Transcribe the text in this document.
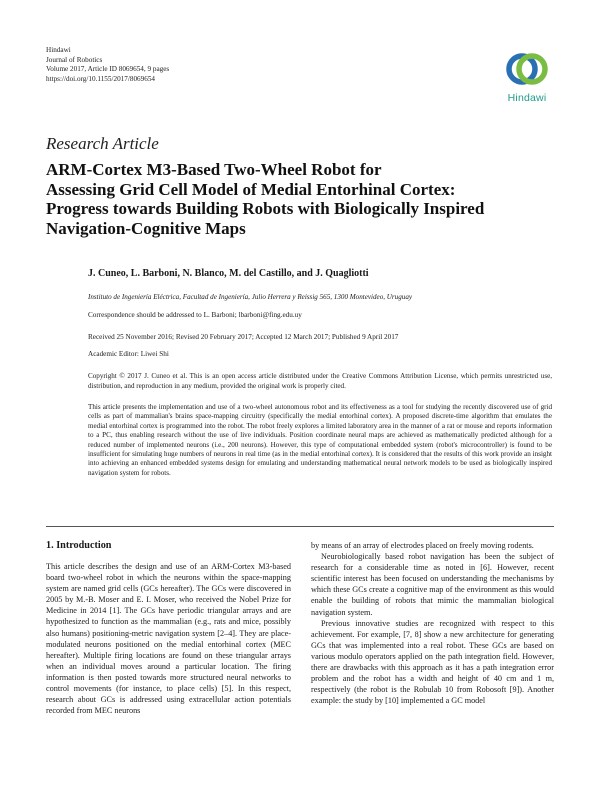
Hindawi
Journal of Robotics
Volume 2017, Article ID 8069654, 9 pages
https://doi.org/10.1155/2017/8069654
Hindawi
Research Article
ARM-Cortex M3-Based Two-Wheel Robot for
Assessing Grid Cell Model of Medial Entorhinal Cortex:
Progress towards Building Robots with Biologically Inspired
Navigation-Cognitive Maps
J. Cuneo, L. Barboni, N. Blanco, M. del Castillo, and J. Quagliotti
Instituto de Ingeniería Eléctrica, Facultad de Ingeniería, Julio Herrera y Reissig 565, 1300 Montevideo, Uruguay
Correspondence should be addressed to L. Barboni; lbarboni@fing.edu.uy
Received 25 November 2016; Revised 20 February 2017; Accepted 12 March 2017; Published 9 April 2017
Academic Editor: Liwei Shi
Copyright © 2017 J. Cuneo et al. This is an open access article distributed under the Creative Commons Attribution License, which permits unrestricted use, distribution, and reproduction in any medium, provided the original work is properly cited.
This article presents the implementation and use of a two-wheel autonomous robot and its effectiveness as a tool for studying the recently discovered use of grid cells as part of mammalian's brains space-mapping circuitry (specifically the medial entorhinal cortex). A proposed discrete-time algorithm that emulates the medial entorhinal cortex is programmed into the robot. The robot freely explores a limited laboratory area in the manner of a rat or mouse and reports information to a PC, thus enabling research without the use of live individuals. Position coordinate neural maps are achieved as mathematically predicted although for a reduced number of implemented neurons (i.e., 200 neurons). However, this type of computational embedded system (robot's microcontroller) is found to be insufficient for simulating huge numbers of neurons in real time (as in the medial entorhinal cortex). It is considered that the results of this work provide an insight into achieving an enhanced embedded systems design for emulating and understanding mathematical neural network models to be used as biologically inspired navigation system for robots.
1. Introduction

This article describes the design and use of an ARM-Cortex M3-based board two-wheel robot in which the neurons within the space-mapping system are named grid cells (GCs hereafter). The GCs were discovered in 2005 by M.-B. Moser and E. I. Moser, who received the Nobel Prize for Medicine in 2014 [1]. The GCs have periodic triangular arrays and are hypothesized to function as the mammalian (e.g., rats and mice, possibly also humans) positioning-metric navigation system [2–4]. They are place-modulated neurons positioned on the medial entorhinal cortex (MEC hereafter). Multiple firing locations are found on these triangular arrays when an individual moves around a particular location. The firing information is then posted towards more structured neural networks to control movements (for instance, to place cells) [5]. In this respect, research about GCs is addressed using extracellular action potentials recorded from MEC neurons

by means of an array of electrodes placed on freely moving rodents.

Neurobiologically based robot navigation has been the subject of research for a considerable time as noted in [6]. However, recent scientific interest has been focused on understanding the mechanisms by which these GCs create a cognitive map of the environment as this would enable the building of robots that mimic the mammalian biological navigation system.

Previous innovative studies are recognized with respect to this achievement. For example, [7, 8] show a new architecture for generating GCs that was implemented into a real robot. These GCs are based on various modulo operators applied on the path integration field. However, there are drawbacks with this approach as it has a path integration error problem and the robot has a width and height of 40 cm and 1 m, respectively (the robot is the Robulab 10 from Robosoft [9]). Another example: the study by [10] implemented a GC model
